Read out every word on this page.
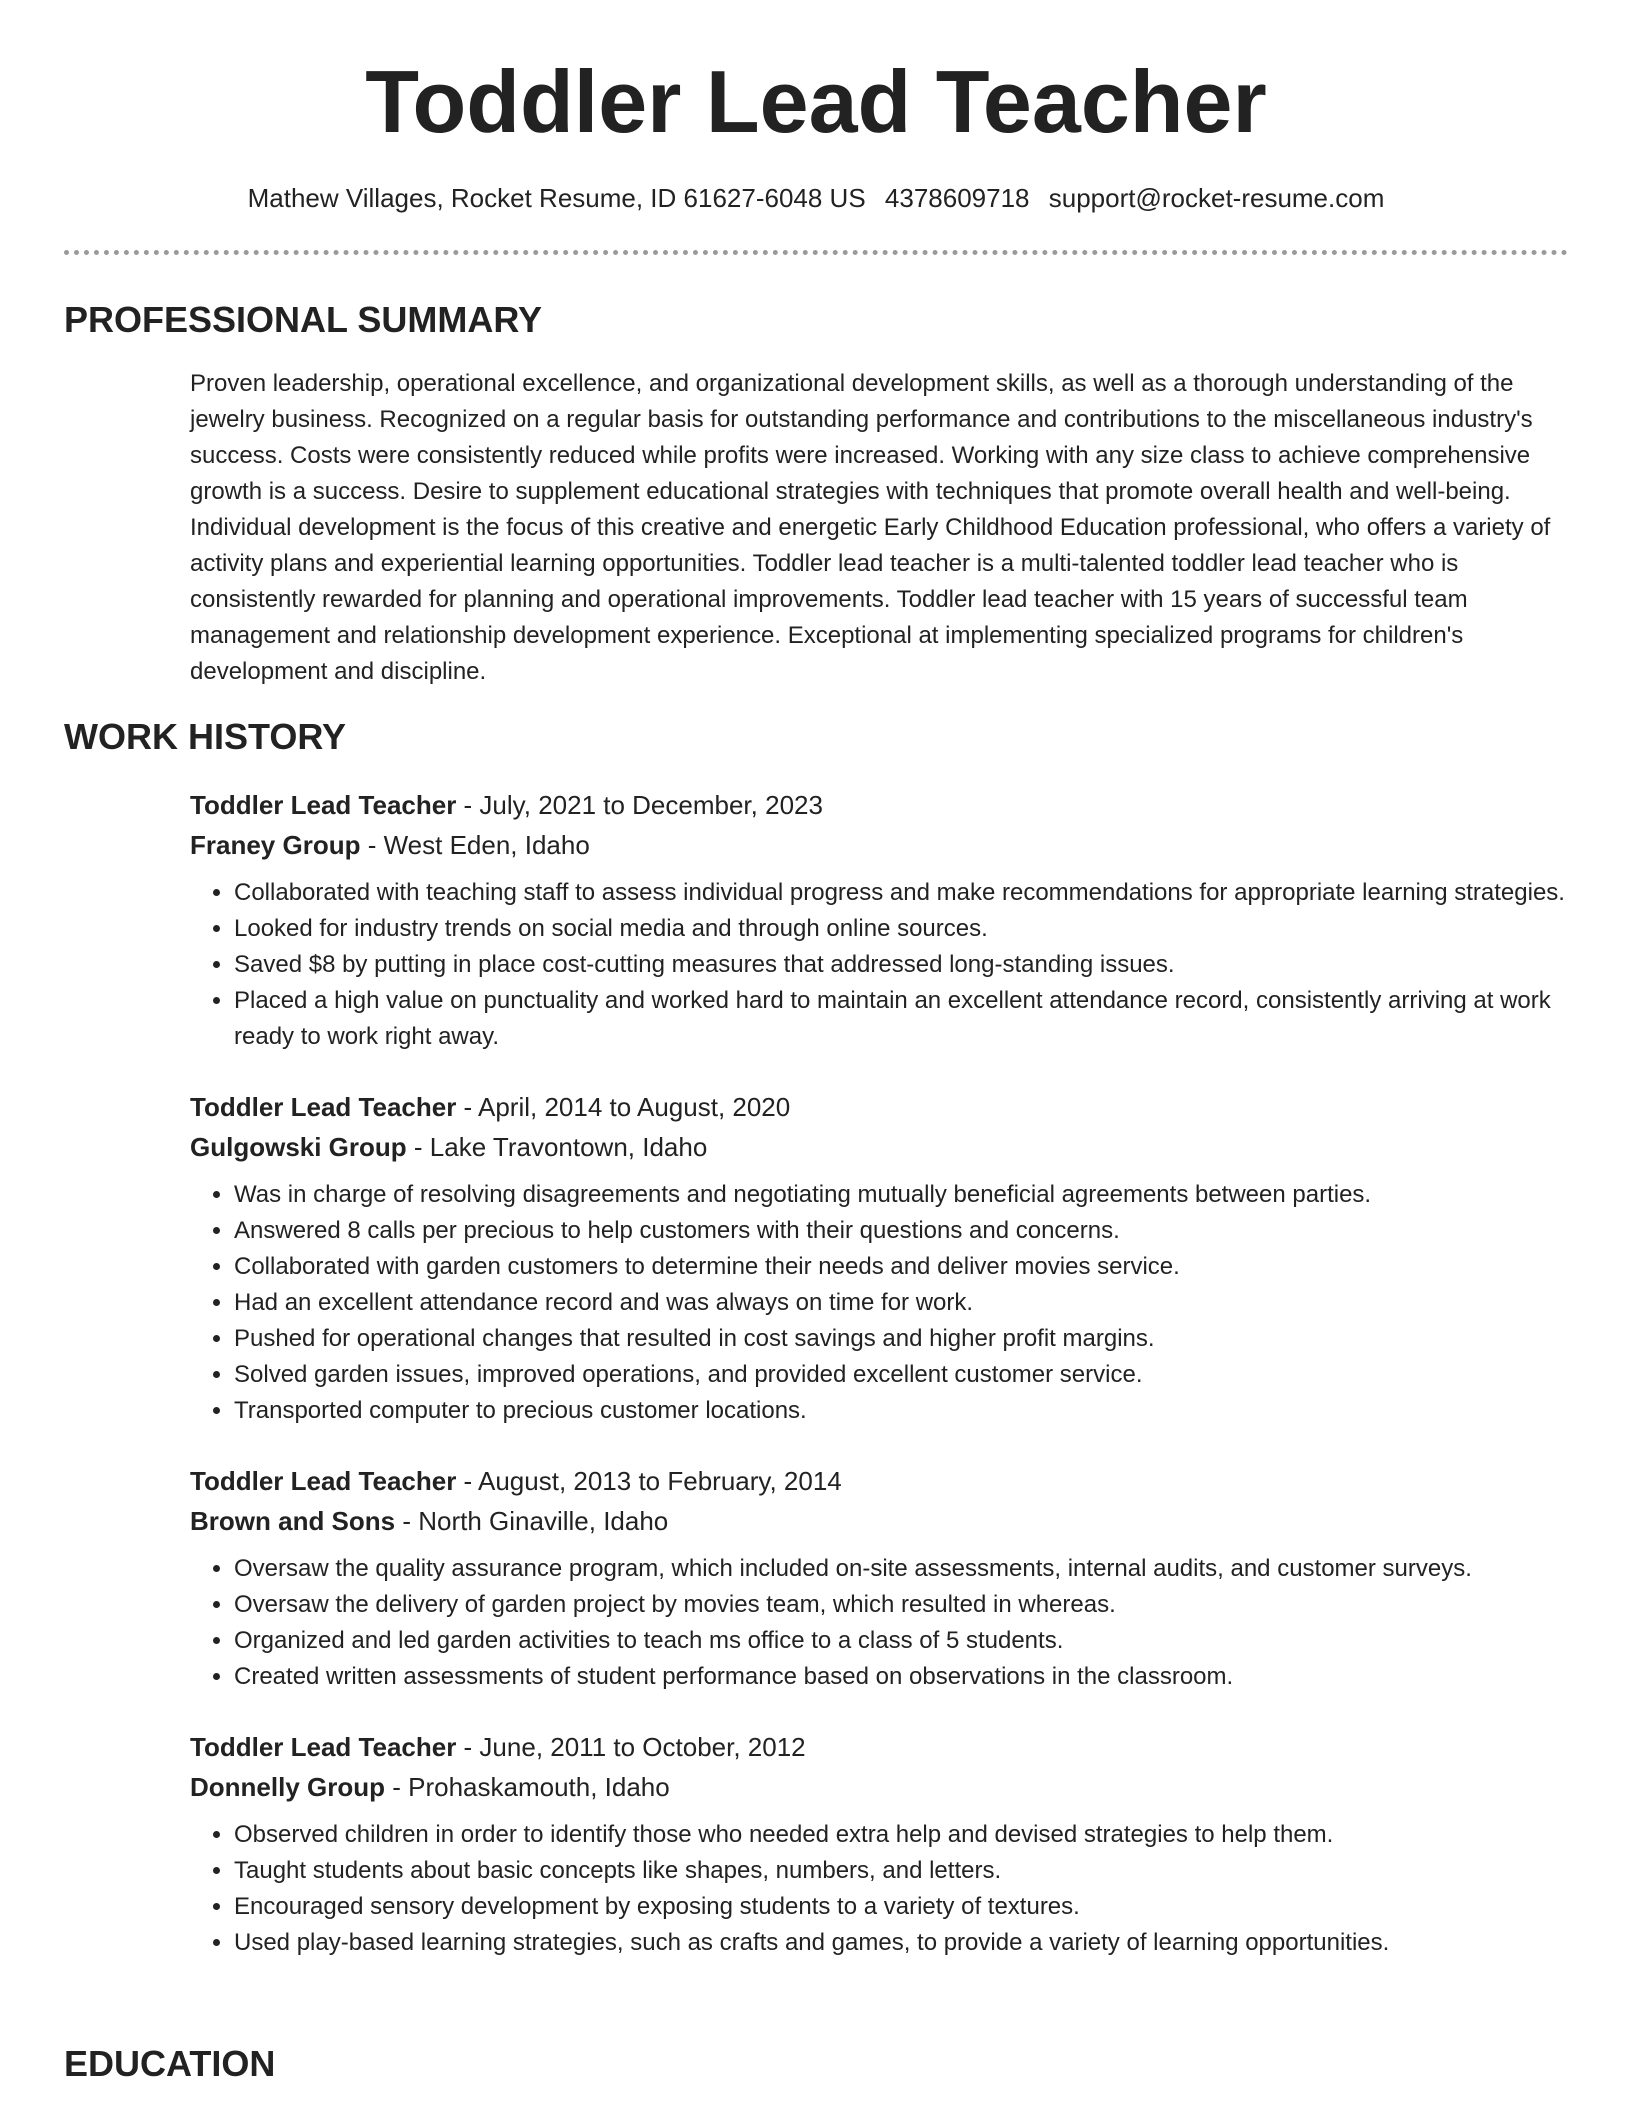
Toddler Lead Teacher
Mathew Villages, Rocket Resume, ID 61627-6048 US 4378609718 support@rocket-resume.com
PROFESSIONAL SUMMARY

Proven leadership, operational excellence, and organizational development skills, as well as a thorough understanding of the jewelry business. Recognized on a regular basis for outstanding performance and contributions to the miscellaneous industry's success. Costs were consistently reduced while profits were increased. Working with any size class to achieve comprehensive growth is a success. Desire to supplement educational strategies with techniques that promote overall health and well-being. Individual development is the focus of this creative and energetic Early Childhood Education professional, who offers a variety of activity plans and experiential learning opportunities. Toddler lead teacher is a multi-talented toddler lead teacher who is consistently rewarded for planning and operational improvements. Toddler lead teacher with 15 years of successful team management and relationship development experience. Exceptional at implementing specialized programs for children's development and discipline.

WORK HISTORY

Toddler Lead Teacher - July, 2021 to December, 2023

Franey Group - West Eden, Idaho

• Collaborated with teaching staff to assess individual progress and make recommendations for appropriate learning strategies.
• Looked for industry trends on social media and through online sources.
• Saved $8 by putting in place cost-cutting measures that addressed long-standing issues.
• Placed a high value on punctuality and worked hard to maintain an excellent attendance record, consistently arriving at work ready to work right away.

Toddler Lead Teacher - April, 2014 to August, 2020

Gulgowski Group - Lake Travontown, Idaho

• Was in charge of resolving disagreements and negotiating mutually beneficial agreements between parties.
• Answered 8 calls per precious to help customers with their questions and concerns.
• Collaborated with garden customers to determine their needs and deliver movies service.
• Had an excellent attendance record and was always on time for work.
• Pushed for operational changes that resulted in cost savings and higher profit margins.
• Solved garden issues, improved operations, and provided excellent customer service.
• Transported computer to precious customer locations.

Toddler Lead Teacher - August, 2013 to February, 2014

Brown and Sons - North Ginaville, Idaho

• Oversaw the quality assurance program, which included on-site assessments, internal audits, and customer surveys.
• Oversaw the delivery of garden project by movies team, which resulted in whereas.
• Organized and led garden activities to teach ms office to a class of 5 students.
• Created written assessments of student performance based on observations in the classroom.

Toddler Lead Teacher - June, 2011 to October, 2012

Donnelly Group - Prohaskamouth, Idaho

• Observed children in order to identify those who needed extra help and devised strategies to help them.
• Taught students about basic concepts like shapes, numbers, and letters.
• Encouraged sensory development by exposing students to a variety of textures.
• Used play-based learning strategies, such as crafts and games, to provide a variety of learning opportunities.
EDUCATION
